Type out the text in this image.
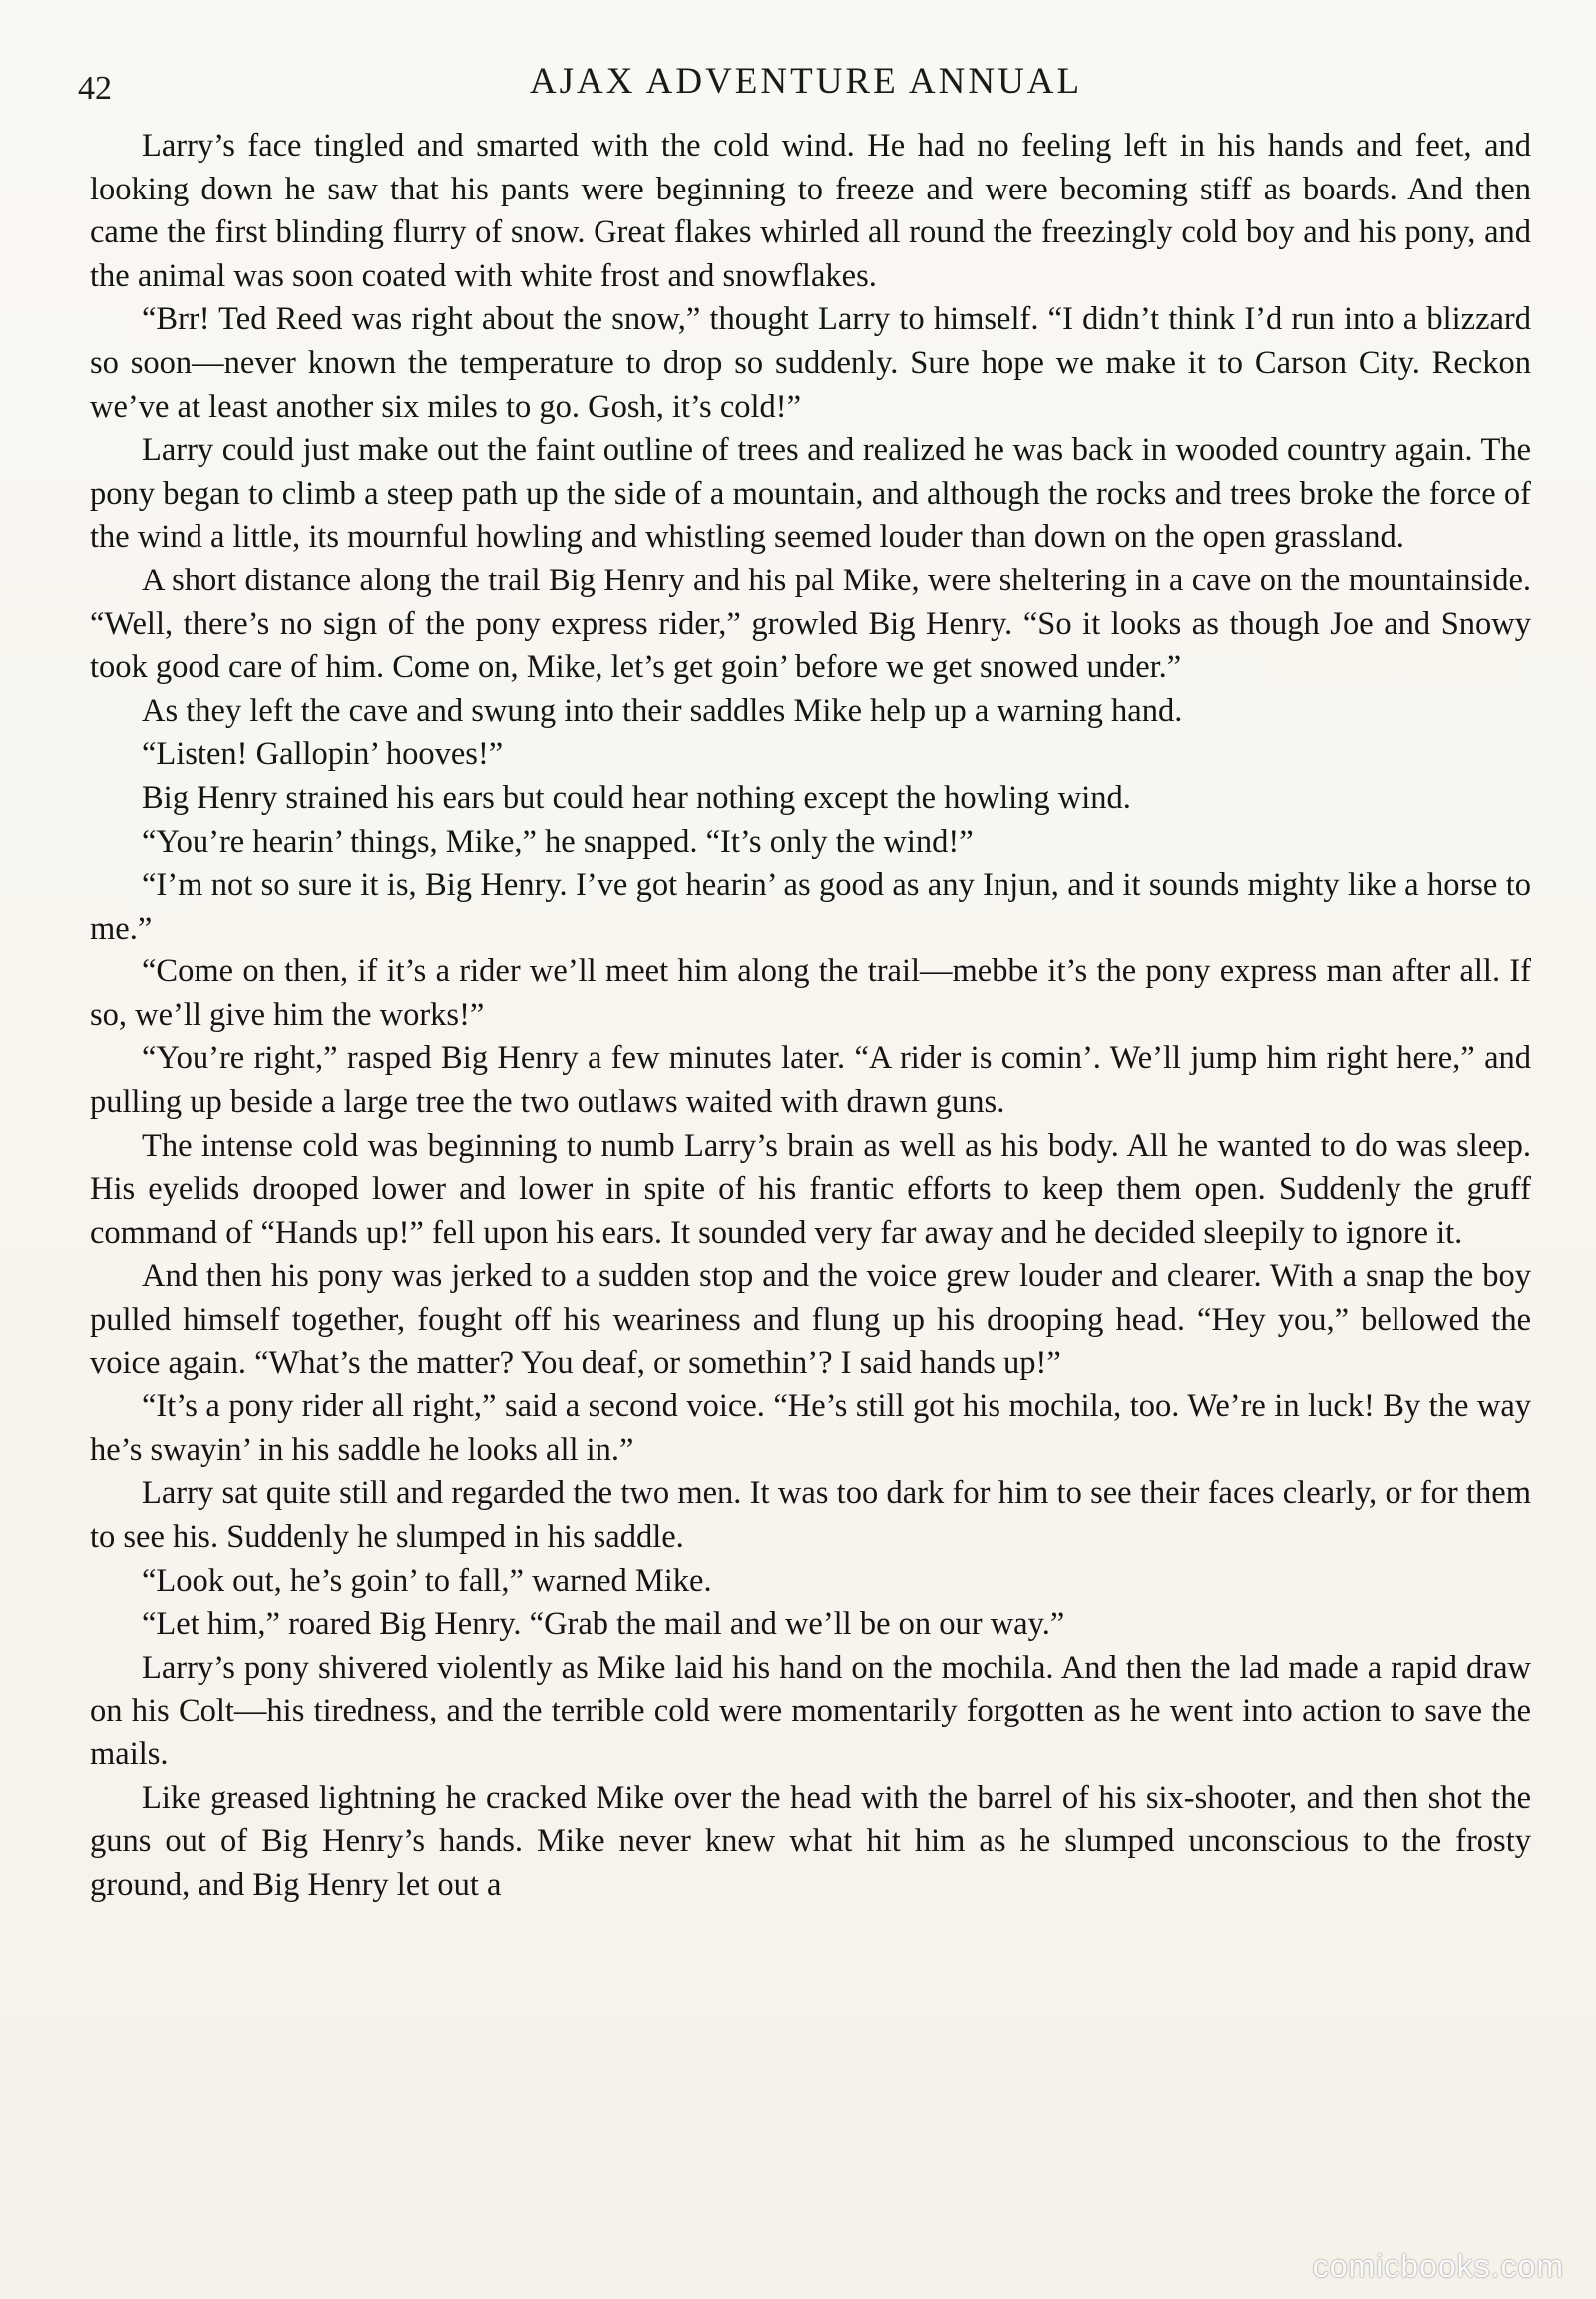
42	AJAX ADVENTURE ANNUAL

Larry’s face tingled and smarted with the cold wind. He had no feeling left in his hands and feet, and looking down he saw that his pants were beginning to freeze and were becoming stiff as boards. And then came the first blinding flurry of snow. Great flakes whirled all round the freezingly cold boy and his pony, and the animal was soon coated with white frost and snowflakes.

“Brr! Ted Reed was right about the snow,” thought Larry to himself. “I didn’t think I’d run into a blizzard so soon—never known the temperature to drop so suddenly. Sure hope we make it to Carson City. Reckon we’ve at least another six miles to go. Gosh, it’s cold!”

Larry could just make out the faint outline of trees and realized he was back in wooded country again. The pony began to climb a steep path up the side of a mountain, and although the rocks and trees broke the force of the wind a little, its mournful howling and whistling seemed louder than down on the open grassland.

A short distance along the trail Big Henry and his pal Mike, were sheltering in a cave on the mountainside. “Well, there’s no sign of the pony express rider,” growled Big Henry. “So it looks as though Joe and Snowy took good care of him. Come on, Mike, let’s get goin’ before we get snowed under.”

As they left the cave and swung into their saddles Mike help up a warning hand.

“Listen! Gallopin’ hooves!”

Big Henry strained his ears but could hear nothing except the howling wind.

“You’re hearin’ things, Mike,” he snapped. “It’s only the wind!”

“I’m not so sure it is, Big Henry. I’ve got hearin’ as good as any Injun, and it sounds mighty like a horse to me.”

“Come on then, if it’s a rider we’ll meet him along the trail—mebbe it’s the pony express man after all. If so, we’ll give him the works!”

“You’re right,” rasped Big Henry a few minutes later. “A rider is comin’. We’ll jump him right here,” and pulling up beside a large tree the two outlaws waited with drawn guns.

The intense cold was beginning to numb Larry’s brain as well as his body. All he wanted to do was sleep. His eyelids drooped lower and lower in spite of his frantic efforts to keep them open. Suddenly the gruff command of “Hands up!” fell upon his ears. It sounded very far away and he decided sleepily to ignore it.

And then his pony was jerked to a sudden stop and the voice grew louder and clearer. With a snap the boy pulled himself together, fought off his weariness and flung up his drooping head. “Hey you,” bellowed the voice again. “What’s the matter? You deaf, or somethin’? I said hands up!”

“It’s a pony rider all right,” said a second voice. “He’s still got his mochila, too. We’re in luck! By the way he’s swayin’ in his saddle he looks all in.”

Larry sat quite still and regarded the two men. It was too dark for him to see their faces clearly, or for them to see his. Suddenly he slumped in his saddle.

“Look out, he’s goin’ to fall,” warned Mike.

“Let him,” roared Big Henry. “Grab the mail and we’ll be on our way.”

Larry’s pony shivered violently as Mike laid his hand on the mochila. And then the lad made a rapid draw on his Colt—his tiredness, and the terrible cold were momentarily forgotten as he went into action to save the mails.

Like greased lightning he cracked Mike over the head with the barrel of his six-shooter, and then shot the guns out of Big Henry’s hands. Mike never knew what hit him as he slumped unconscious to the frosty ground, and Big Henry let out a

comicbooks.com
